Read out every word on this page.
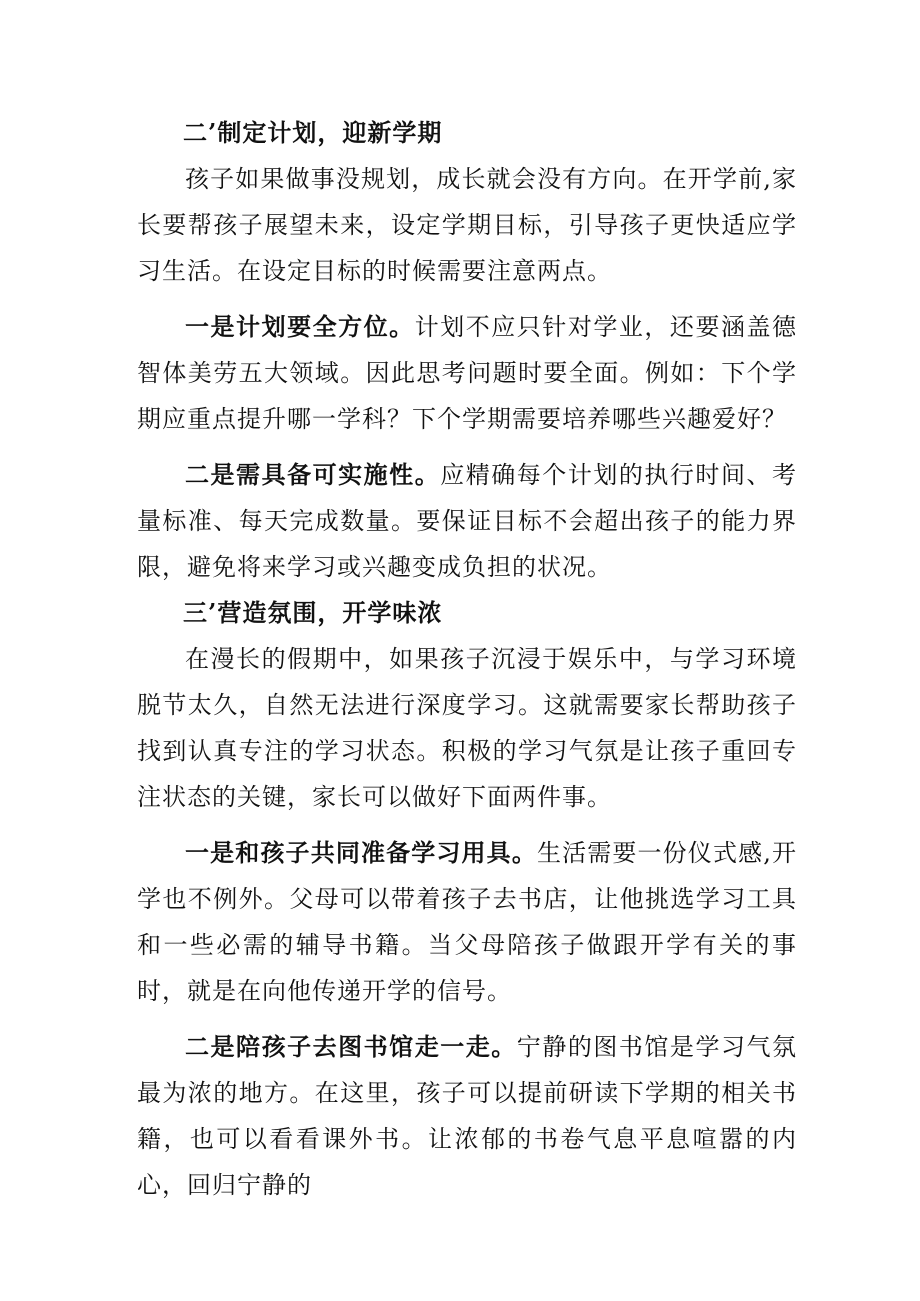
二’制定计划，迎新学期

孩子如果做事没规划，成长就会没有方向。在开学前,家长要帮孩子展望未来，设定学期目标，引导孩子更快适应学习生活。在设定目标的时候需要注意两点。

一是计划要全方位。计划不应只针对学业，还要涵盖德智体美劳五大领域。因此思考问题时要全面。例如：下个学期应重点提升哪一学科？下个学期需要培养哪些兴趣爱好？

二是需具备可实施性。应精确每个计划的执行时间、考量标准、每天完成数量。要保证目标不会超出孩子的能力界限，避免将来学习或兴趣变成负担的状况。

三’营造氛围，开学味浓

在漫长的假期中，如果孩子沉浸于娱乐中，与学习环境脱节太久，自然无法进行深度学习。这就需要家长帮助孩子找到认真专注的学习状态。积极的学习气氛是让孩子重回专注状态的关键，家长可以做好下面两件事。

一是和孩子共同准备学习用具。生活需要一份仪式感,开学也不例外。父母可以带着孩子去书店，让他挑选学习工具和一些必需的辅导书籍。当父母陪孩子做跟开学有关的事时，就是在向他传递开学的信号。

二是陪孩子去图书馆走一走。宁静的图书馆是学习气氛最为浓的地方。在这里，孩子可以提前研读下学期的相关书籍，也可以看看课外书。让浓郁的书卷气息平息喧嚣的内心，回归宁静的
